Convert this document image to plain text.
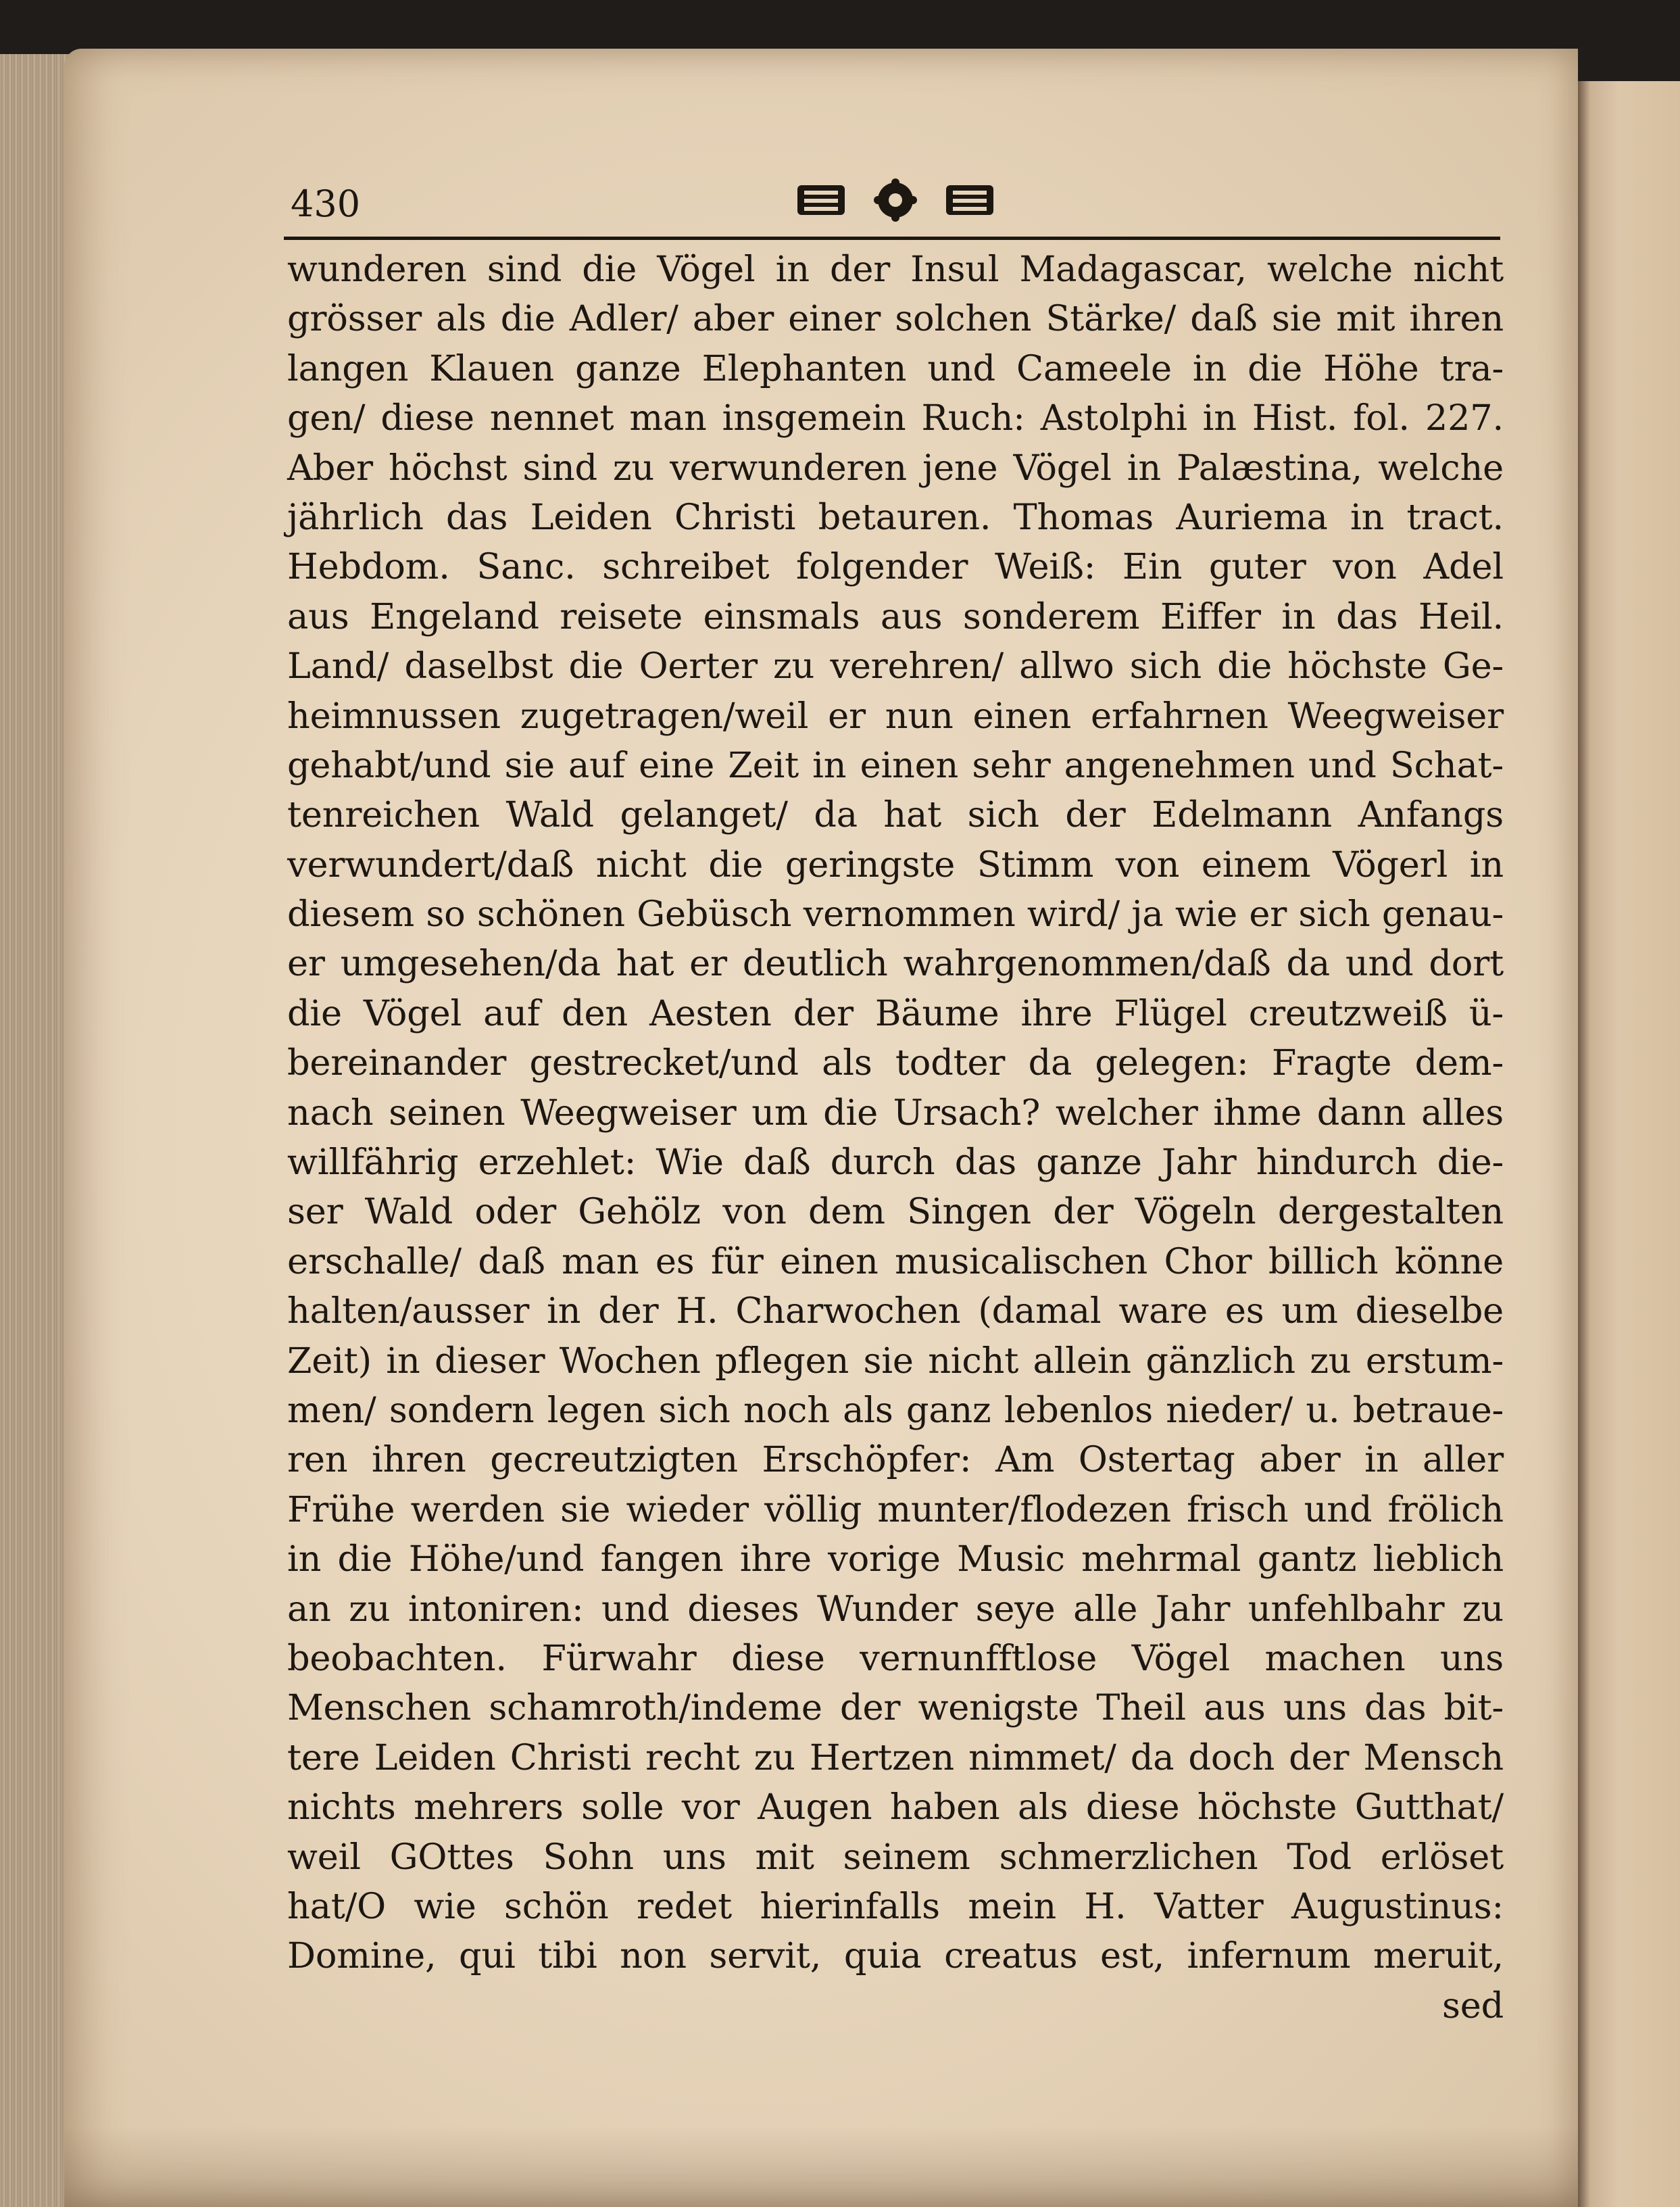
430
wunderen sind die Vögel in der Insul Madagascar, welche nicht
grösser als die Adler/ aber einer solchen Stärke/ daß sie mit ihren
langen Klauen ganze Elephanten und Cameele in die Höhe tra-
gen/ diese nennet man insgemein Ruch: Astolphi in Hist. fol. 227.
Aber höchst sind zu verwunderen jene Vögel in Palæstina, welche
jährlich das Leiden Christi betauren. Thomas Auriema in tract.
Hebdom. Sanc. schreibet folgender Weiß: Ein guter von Adel
aus Engeland reisete einsmals aus sonderem Eiffer in das Heil.
Land/ daselbst die Oerter zu verehren/ allwo sich die höchste Ge-
heimnussen zugetragen/weil er nun einen erfahrnen Weegweiser
gehabt/und sie auf eine Zeit in einen sehr angenehmen und Schat-
tenreichen Wald gelanget/ da hat sich der Edelmann Anfangs
verwundert/daß nicht die geringste Stimm von einem Vögerl in
diesem so schönen Gebüsch vernommen wird/ ja wie er sich genau-
er umgesehen/da hat er deutlich wahrgenommen/daß da und dort
die Vögel auf den Aesten der Bäume ihre Flügel creutzweiß ü-
bereinander gestrecket/und als todter da gelegen: Fragte dem-
nach seinen Weegweiser um die Ursach? welcher ihme dann alles
willfährig erzehlet: Wie daß durch das ganze Jahr hindurch die-
ser Wald oder Gehölz von dem Singen der Vögeln dergestalten
erschalle/ daß man es für einen musicalischen Chor billich könne
halten/ausser in der H. Charwochen (damal ware es um dieselbe
Zeit) in dieser Wochen pflegen sie nicht allein gänzlich zu erstum-
men/ sondern legen sich noch als ganz lebenlos nieder/ u. betraue-
ren ihren gecreutzigten Erschöpfer: Am Ostertag aber in aller
Frühe werden sie wieder völlig munter/flodezen frisch und frölich
in die Höhe/und fangen ihre vorige Music mehrmal gantz lieblich
an zu intoniren: und dieses Wunder seye alle Jahr unfehlbahr zu
beobachten. Fürwahr diese vernunfftlose Vögel machen uns
Menschen schamroth/indeme der wenigste Theil aus uns das bit-
tere Leiden Christi recht zu Hertzen nimmet/ da doch der Mensch
nichts mehrers solle vor Augen haben als diese höchste Gutthat/
weil GOttes Sohn uns mit seinem schmerzlichen Tod erlöset
hat/O wie schön redet hierinfalls mein H. Vatter Augustinus:
Domine, qui tibi non servit, quia creatus est, infernum meruit,
sed
